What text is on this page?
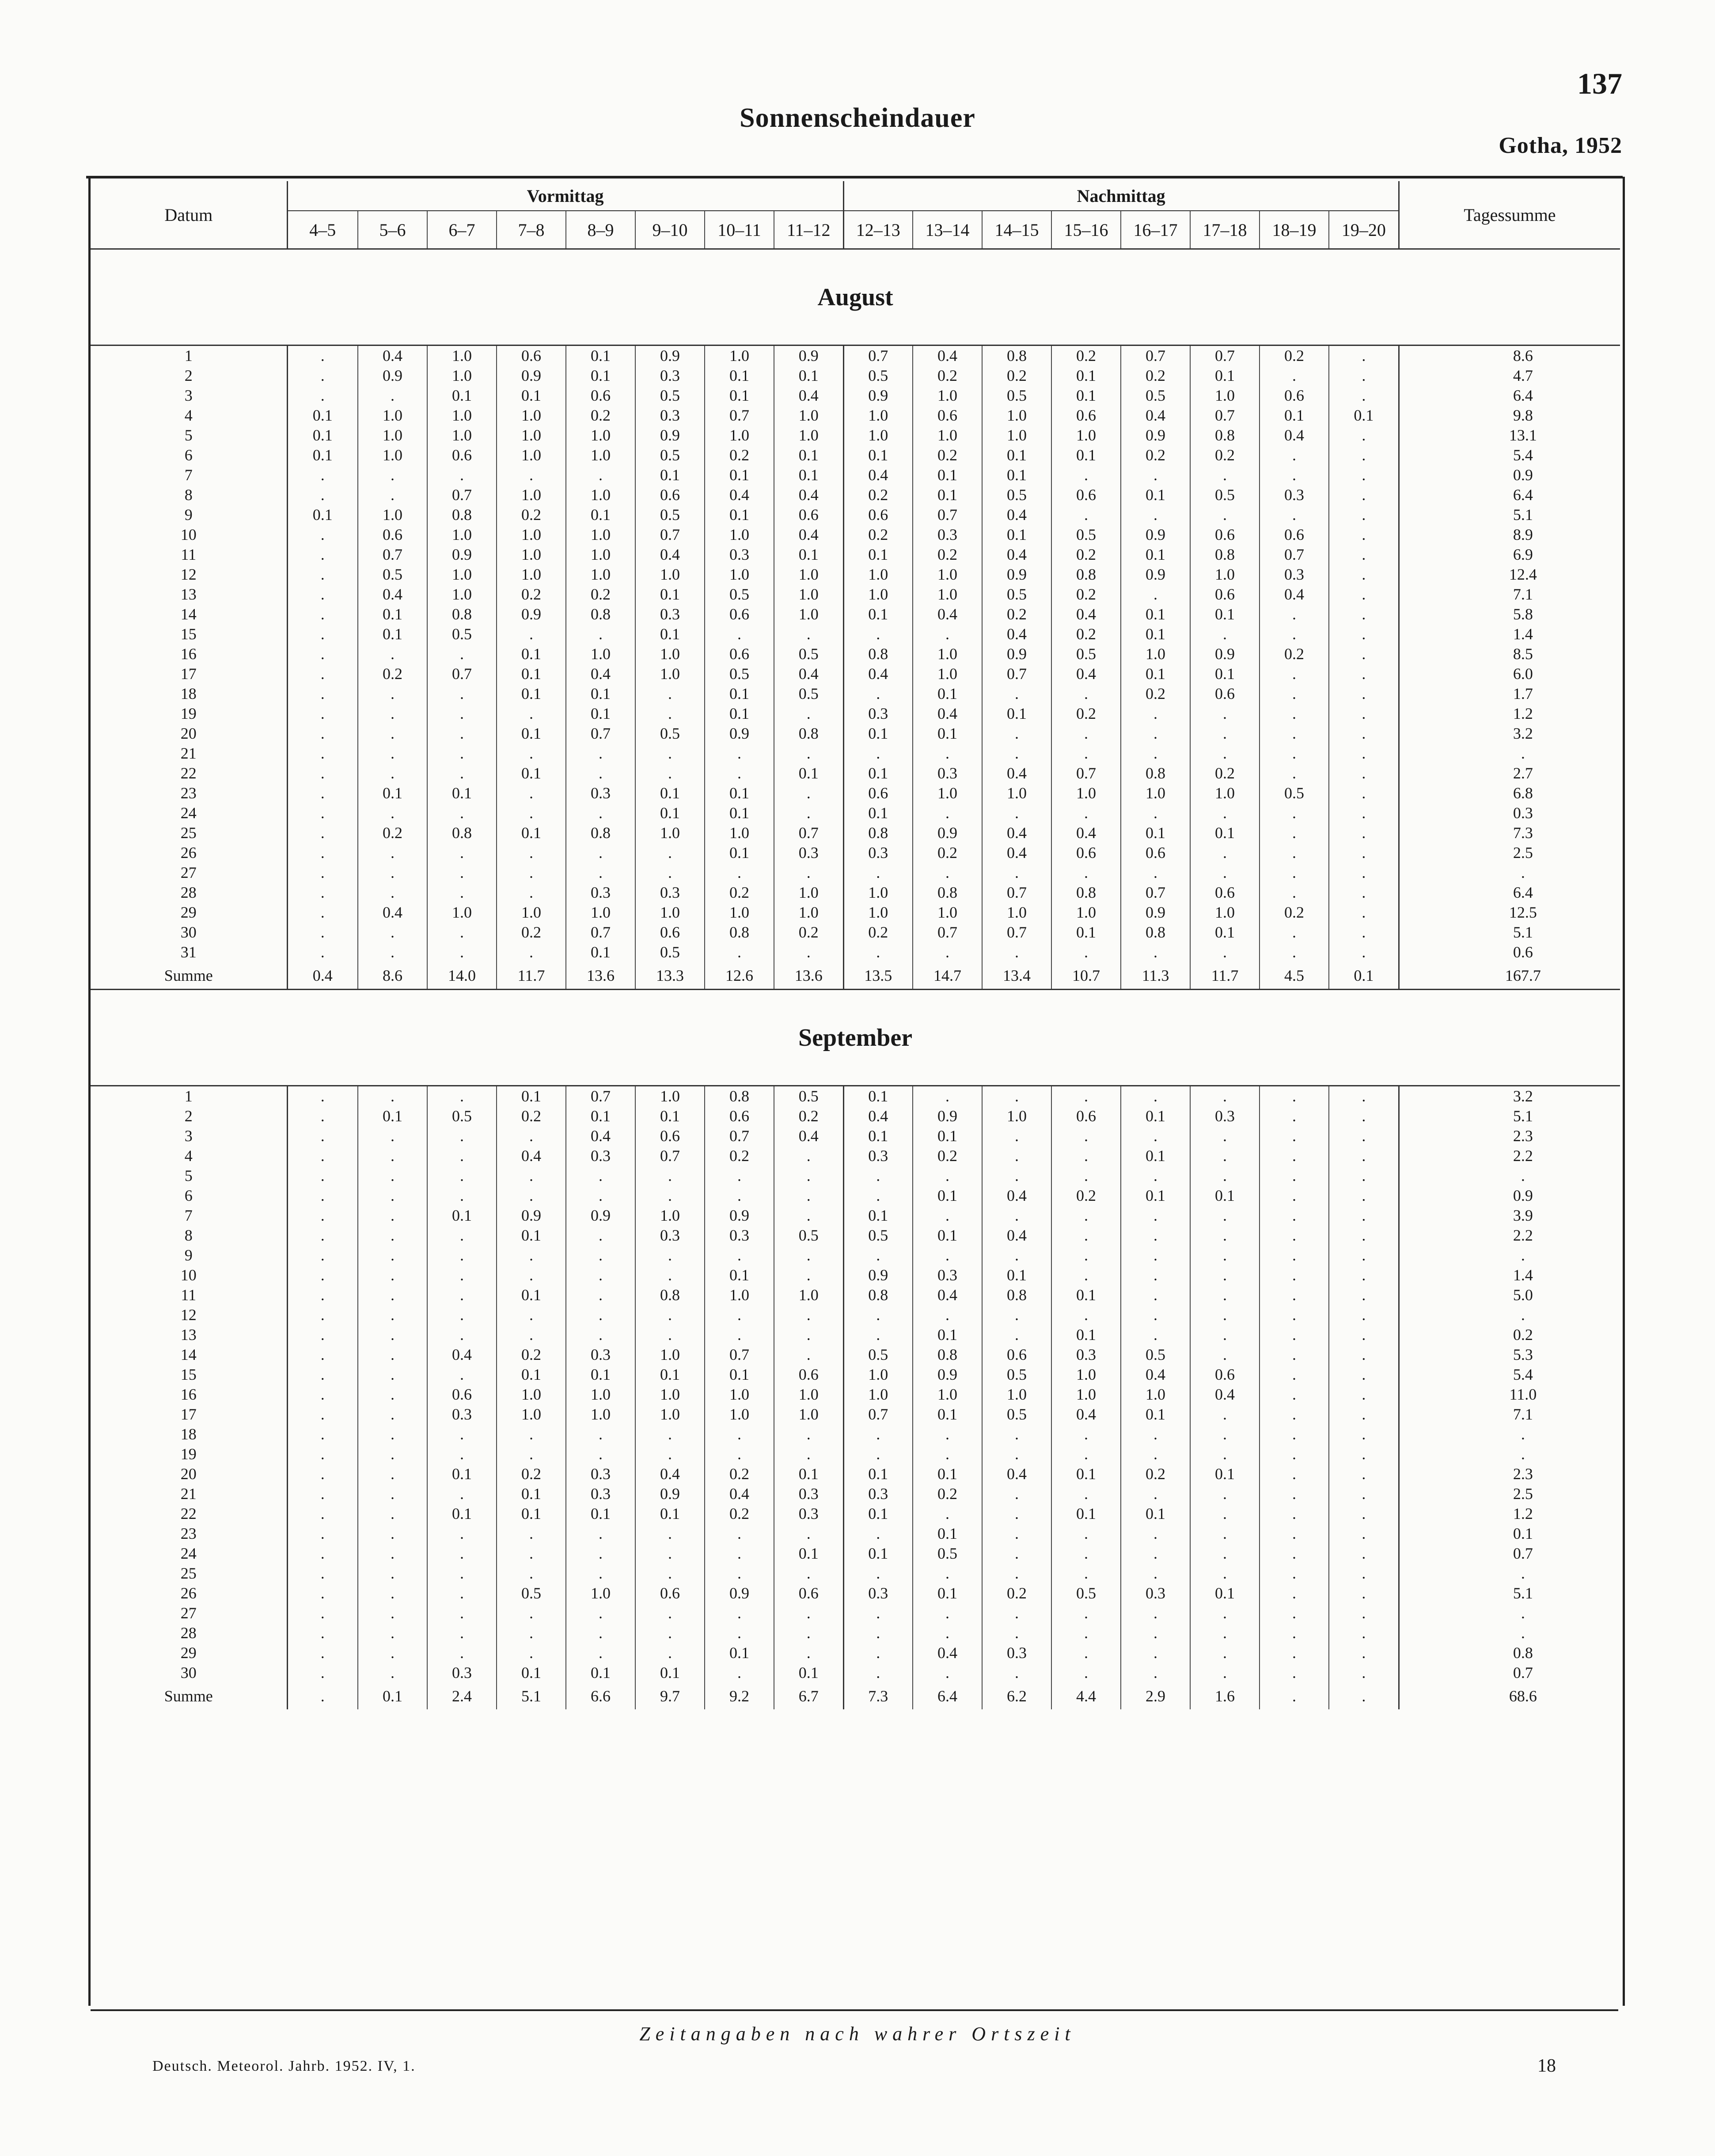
137
Sonnenscheindauer
Gotha, 1952
Datum	Vormittag								Nachmittag								Tagessumme
	4–5	5–6	6–7	7–8	8–9	9–10	10–11	11–12	12–13	13–14	14–15	15–16	16–17	17–18	18–19	19–20	
August																	
1	.	0.4	1.0	0.6	0.1	0.9	1.0	0.9	0.7	0.4	0.8	0.2	0.7	0.7	0.2	.	8.6
2	.	0.9	1.0	0.9	0.1	0.3	0.1	0.1	0.5	0.2	0.2	0.1	0.2	0.1	.	.	4.7
3	.	.	0.1	0.1	0.6	0.5	0.1	0.4	0.9	1.0	0.5	0.1	0.5	1.0	0.6	.	6.4
4	0.1	1.0	1.0	1.0	0.2	0.3	0.7	1.0	1.0	0.6	1.0	0.6	0.4	0.7	0.1	0.1	9.8
5	0.1	1.0	1.0	1.0	1.0	0.9	1.0	1.0	1.0	1.0	1.0	1.0	0.9	0.8	0.4	.	13.1
6	0.1	1.0	0.6	1.0	1.0	0.5	0.2	0.1	0.1	0.2	0.1	0.1	0.2	0.2	.	.	5.4
7	.	.	.	.	.	0.1	0.1	0.1	0.4	0.1	0.1	.	.	.	.	.	0.9
8	.	.	0.7	1.0	1.0	0.6	0.4	0.4	0.2	0.1	0.5	0.6	0.1	0.5	0.3	.	6.4
9	0.1	1.0	0.8	0.2	0.1	0.5	0.1	0.6	0.6	0.7	0.4	.	.	.	.	.	5.1
10	.	0.6	1.0	1.0	1.0	0.7	1.0	0.4	0.2	0.3	0.1	0.5	0.9	0.6	0.6	.	8.9
11	.	0.7	0.9	1.0	1.0	0.4	0.3	0.1	0.1	0.2	0.4	0.2	0.1	0.8	0.7	.	6.9
12	.	0.5	1.0	1.0	1.0	1.0	1.0	1.0	1.0	1.0	0.9	0.8	0.9	1.0	0.3	.	12.4
13	.	0.4	1.0	0.2	0.2	0.1	0.5	1.0	1.0	1.0	0.5	0.2	.	0.6	0.4	.	7.1
14	.	0.1	0.8	0.9	0.8	0.3	0.6	1.0	0.1	0.4	0.2	0.4	0.1	0.1	.	.	5.8
15	.	0.1	0.5	.	.	0.1	.	.	.	.	0.4	0.2	0.1	.	.	.	1.4
16	.	.	.	0.1	1.0	1.0	0.6	0.5	0.8	1.0	0.9	0.5	1.0	0.9	0.2	.	8.5
17	.	0.2	0.7	0.1	0.4	1.0	0.5	0.4	0.4	1.0	0.7	0.4	0.1	0.1	.	.	6.0
18	.	.	.	0.1	0.1	.	0.1	0.5	.	0.1	.	.	0.2	0.6	.	.	1.7
19	.	.	.	.	0.1	.	0.1	.	0.3	0.4	0.1	0.2	.	.	.	.	1.2
20	.	.	.	0.1	0.7	0.5	0.9	0.8	0.1	0.1	.	.	.	.	.	.	3.2
21	.	.	.	.	.	.	.	.	.	.	.	.	.	.	.	.	.
22	.	.	.	0.1	.	.	.	0.1	0.1	0.3	0.4	0.7	0.8	0.2	.	.	2.7
23	.	0.1	0.1	.	0.3	0.1	0.1	.	0.6	1.0	1.0	1.0	1.0	1.0	0.5	.	6.8
24	.	.	.	.	.	0.1	0.1	.	0.1	.	.	.	.	.	.	.	0.3
25	.	0.2	0.8	0.1	0.8	1.0	1.0	0.7	0.8	0.9	0.4	0.4	0.1	0.1	.	.	7.3
26	.	.	.	.	.	.	0.1	0.3	0.3	0.2	0.4	0.6	0.6	.	.	.	2.5
27	.	.	.	.	.	.	.	.	.	.	.	.	.	.	.	.	.
28	.	.	.	.	0.3	0.3	0.2	1.0	1.0	0.8	0.7	0.8	0.7	0.6	.	.	6.4
29	.	0.4	1.0	1.0	1.0	1.0	1.0	1.0	1.0	1.0	1.0	1.0	0.9	1.0	0.2	.	12.5
30	.	.	.	0.2	0.7	0.6	0.8	0.2	0.2	0.7	0.7	0.1	0.8	0.1	.	.	5.1
31	.	.	.	.	0.1	0.5	.	.	.	.	.	.	.	.	.	.	0.6
Summe	0.4	8.6	14.0	11.7	13.6	13.3	12.6	13.6	13.5	14.7	13.4	10.7	11.3	11.7	4.5	0.1	167.7
September																	
1	.	.	.	0.1	0.7	1.0	0.8	0.5	0.1	.	.	.	.	.	.	.	3.2
2	.	0.1	0.5	0.2	0.1	0.1	0.6	0.2	0.4	0.9	1.0	0.6	0.1	0.3	.	.	5.1
3	.	.	.	.	0.4	0.6	0.7	0.4	0.1	0.1	.	.	.	.	.	.	2.3
4	.	.	.	0.4	0.3	0.7	0.2	.	0.3	0.2	.	.	0.1	.	.	.	2.2
5	.	.	.	.	.	.	.	.	.	.	.	.	.	.	.	.	.
6	.	.	.	.	.	.	.	.	.	0.1	0.4	0.2	0.1	0.1	.	.	0.9
7	.	.	0.1	0.9	0.9	1.0	0.9	.	0.1	.	.	.	.	.	.	.	3.9
8	.	.	.	0.1	.	0.3	0.3	0.5	0.5	0.1	0.4	.	.	.	.	.	2.2
9	.	.	.	.	.	.	.	.	.	.	.	.	.	.	.	.	.
10	.	.	.	.	.	.	0.1	.	0.9	0.3	0.1	.	.	.	.	.	1.4
11	.	.	.	0.1	.	0.8	1.0	1.0	0.8	0.4	0.8	0.1	.	.	.	.	5.0
12	.	.	.	.	.	.	.	.	.	.	.	.	.	.	.	.	.
13	.	.	.	.	.	.	.	.	.	0.1	.	0.1	.	.	.	.	0.2
14	.	.	0.4	0.2	0.3	1.0	0.7	.	0.5	0.8	0.6	0.3	0.5	.	.	.	5.3
15	.	.	.	0.1	0.1	0.1	0.1	0.6	1.0	0.9	0.5	1.0	0.4	0.6	.	.	5.4
16	.	.	0.6	1.0	1.0	1.0	1.0	1.0	1.0	1.0	1.0	1.0	1.0	0.4	.	.	11.0
17	.	.	0.3	1.0	1.0	1.0	1.0	1.0	0.7	0.1	0.5	0.4	0.1	.	.	.	7.1
18	.	.	.	.	.	.	.	.	.	.	.	.	.	.	.	.	.
19	.	.	.	.	.	.	.	.	.	.	.	.	.	.	.	.	.
20	.	.	0.1	0.2	0.3	0.4	0.2	0.1	0.1	0.1	0.4	0.1	0.2	0.1	.	.	2.3
21	.	.	.	0.1	0.3	0.9	0.4	0.3	0.3	0.2	.	.	.	.	.	.	2.5
22	.	.	0.1	0.1	0.1	0.1	0.2	0.3	0.1	.	.	0.1	0.1	.	.	.	1.2
23	.	.	.	.	.	.	.	.	.	0.1	.	.	.	.	.	.	0.1
24	.	.	.	.	.	.	.	0.1	0.1	0.5	.	.	.	.	.	.	0.7
25	.	.	.	.	.	.	.	.	.	.	.	.	.	.	.	.	.
26	.	.	.	0.5	1.0	0.6	0.9	0.6	0.3	0.1	0.2	0.5	0.3	0.1	.	.	5.1
27	.	.	.	.	.	.	.	.	.	.	.	.	.	.	.	.	.
28	.	.	.	.	.	.	.	.	.	.	.	.	.	.	.	.	.
29	.	.	.	.	.	.	0.1	.	.	0.4	0.3	.	.	.	.	.	0.8
30	.	.	0.3	0.1	0.1	0.1	.	0.1	.	.	.	.	.	.	.	.	0.7
Summe	.	0.1	2.4	5.1	6.6	9.7	9.2	6.7	7.3	6.4	6.2	4.4	2.9	1.6	.	.	68.6
Zeitangaben nach wahrer Ortszeit
Deutsch. Meteorol. Jahrb. 1952. IV, 1.	18
